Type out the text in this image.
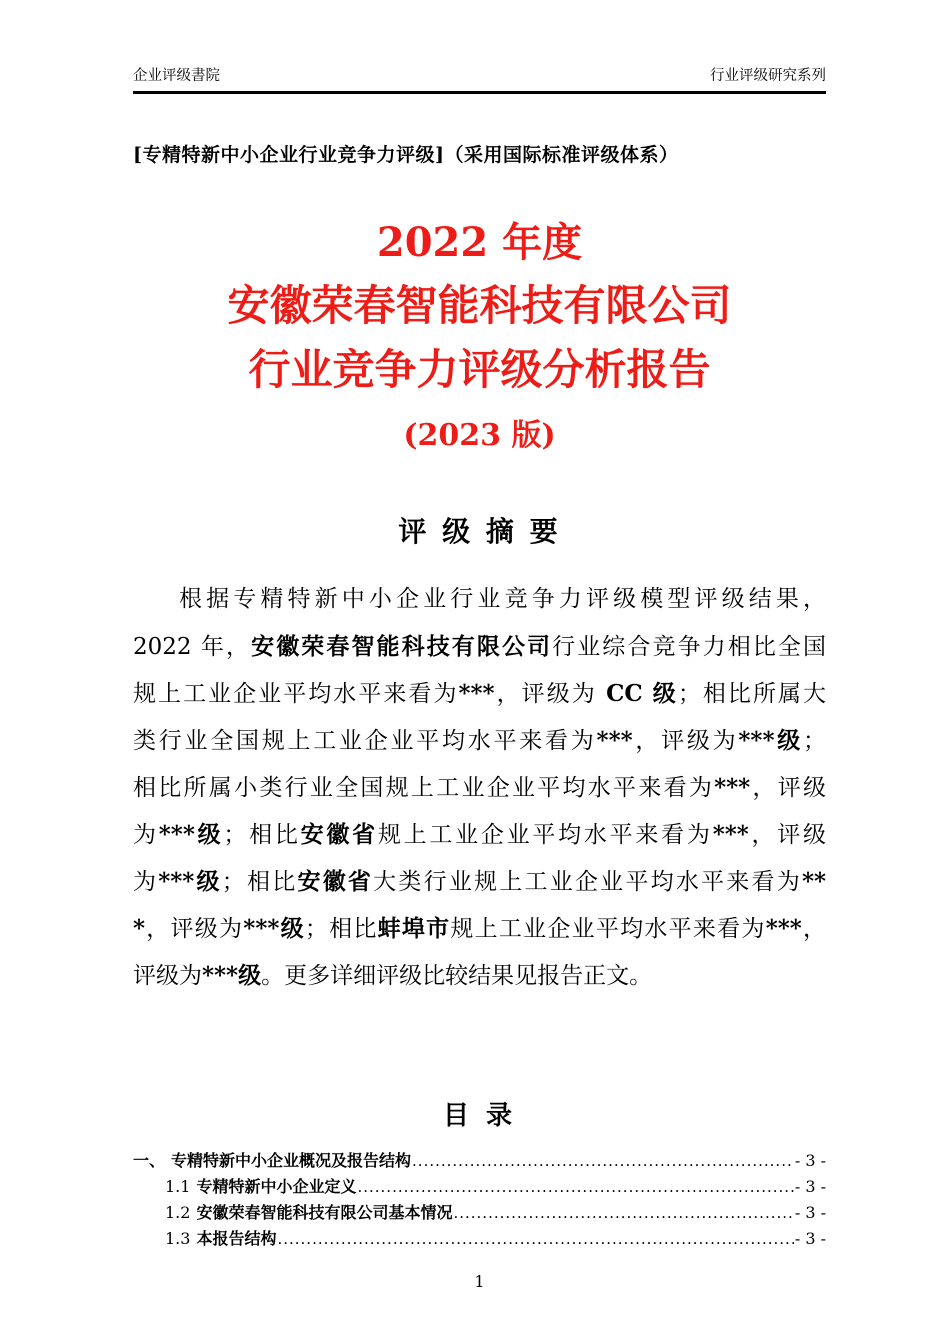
企业评级書院	行业评级研究系列
[专精特新中小企业行业竞争力评级]（采用国际标准评级体系）
2022 年度
安徽荣春智能科技有限公司
行业竞争力评级分析报告
(2023 版)
评 级 摘 要
根据专精特新中小企业行业竞争力评级模型评级结果，
2022 年，安徽荣春智能科技有限公司行业综合竞争力相比全国
规上工业企业平均水平来看为***，评级为 CC 级；相比所属大
类行业全国规上工业企业平均水平来看为***，评级为***级；
相比所属小类行业全国规上工业企业平均水平来看为***，评级
为***级；相比安徽省规上工业企业平均水平来看为***，评级
为***级；相比安徽省大类行业规上工业企业平均水平来看为**
*，评级为***级；相比蚌埠市规上工业企业平均水平来看为***，
评级为***级。更多详细评级比较结果见报告正文。
目 录
一、 专精特新中小企业概况及报告结构 .....	- 3 -
1.1 专精特新中小企业定义 .....	- 3 -
1.2 安徽荣春智能科技有限公司基本情况 .....	- 3 -
1.3 本报告结构 .....	- 3 -
1
